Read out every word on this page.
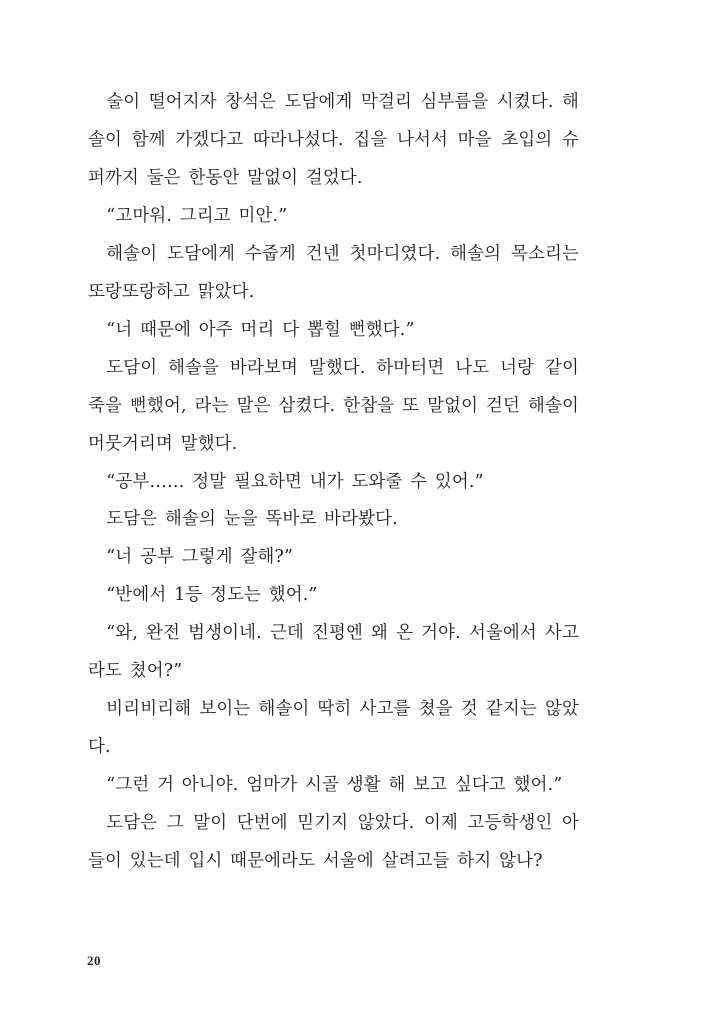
술이 떨어지자 창석은 도담에게 막걸리 심부름을 시켰다. 해솔이 함께 가겠다고 따라나섰다. 집을 나서서 마을 초입의 슈퍼까지 둘은 한동안 말없이 걸었다.

“고마워. 그리고 미안.”

해솔이 도담에게 수줍게 건넨 첫마디였다. 해솔의 목소리는 또랑또랑하고 맑았다.

“너 때문에 아주 머리 다 뽑힐 뻔했다.”

도담이 해솔을 바라보며 말했다. 하마터면 나도 너랑 같이 죽을 뻔했어, 라는 말은 삼켰다. 한참을 또 말없이 걷던 해솔이 머뭇거리며 말했다.

“공부…… 정말 필요하면 내가 도와줄 수 있어.”

도담은 해솔의 눈을 똑바로 바라봤다.

“너 공부 그렇게 잘해?”

“반에서 1등 정도는 했어.”

“와, 완전 범생이네. 근데 진평엔 왜 온 거야. 서울에서 사고라도 쳤어?”

비리비리해 보이는 해솔이 딱히 사고를 쳤을 것 같지는 않았다.

“그런 거 아니야. 엄마가 시골 생활 해 보고 싶다고 했어.”

도담은 그 말이 단번에 믿기지 않았다. 이제 고등학생인 아들이 있는데 입시 때문에라도 서울에 살려고들 하지 않나?

20
